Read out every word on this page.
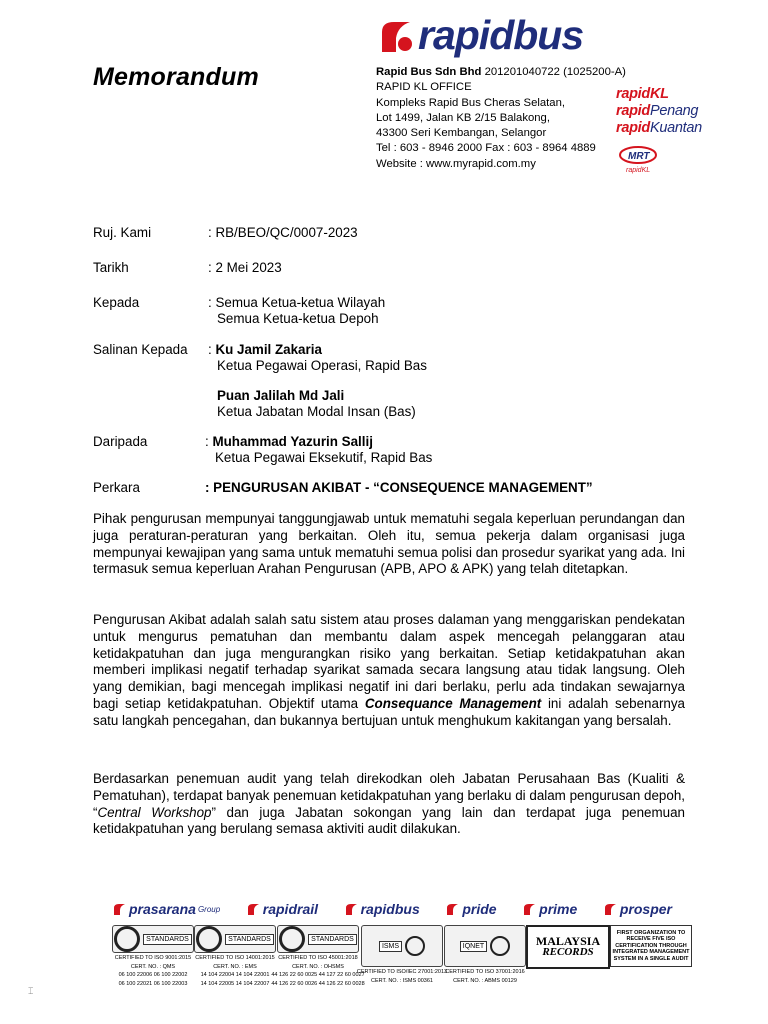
Memorandum
rapidbus
Rapid Bus Sdn Bhd 201201040722 (1025200-A)
RAPID KL OFFICE
Kompleks Rapid Bus Cheras Selatan,
Lot 1499, Jalan KB 2/15 Balakong,
43300 Seri Kembangan, Selangor
Tel : 603 - 8946 2000 Fax : 603 - 8964 4889
Website : www.myrapid.com.my
rapidKL
rapidPenang
rapidKuantan
MRT
rapidKL
Ruj. Kami	: RB/BEO/QC/0007-2023
Tarikh	: 2 Mei 2023
Kepada	: Semua Ketua-ketua Wilayah
Semua Ketua-ketua Depoh
Salinan Kepada : Ku Jamil Zakaria
Ketua Pegawai Operasi, Rapid Bas
Puan Jalilah Md Jali
Ketua Jabatan Modal Insan (Bas)
Daripada	: Muhammad Yazurin Sallij
Ketua Pegawai Eksekutif, Rapid Bas
Perkara	: PENGURUSAN AKIBAT - “CONSEQUENCE MANAGEMENT”
Pihak pengurusan mempunyai tanggungjawab untuk mematuhi segala keperluan perundangan dan juga peraturan-peraturan yang berkaitan. Oleh itu, semua pekerja dalam organisasi juga mempunyai kewajipan yang sama untuk mematuhi semua polisi dan prosedur syarikat yang ada. Ini termasuk semua keperluan Arahan Pengurusan (APB, APO & APK) yang telah ditetapkan.
Pengurusan Akibat adalah salah satu sistem atau proses dalaman yang menggariskan pendekatan untuk mengurus pematuhan dan membantu dalam aspek mencegah pelanggaran atau ketidakpatuhan dan juga mengurangkan risiko yang berkaitan. Setiap ketidakpatuhan akan memberi implikasi negatif terhadap syarikat samada secara langsung atau tidak langsung. Oleh yang demikian, bagi mencegah implikasi negatif ini dari berlaku, perlu ada tindakan sewajarnya bagi setiap ketidakpatuhan. Objektif utama Consequance Management ini adalah sebenarnya satu langkah pencegahan, dan bukannya bertujuan untuk menghukum kakitangan yang bersalah.
Berdasarkan penemuan audit yang telah direkodkan oleh Jabatan Perusahaan Bas (Kualiti & Pematuhan), terdapat banyak penemuan ketidakpatuhan yang berlaku di dalam pengurusan depoh, “Central Workshop” dan juga Jabatan sokongan yang lain dan terdapat juga penemuan ketidakpatuhan yang berulang semasa aktiviti audit dilakukan.
prasarana Group	rapidrail	rapidbus	pride	prime	prosper
STANDARDS
CERTIFIED TO ISO 9001:2015
CERT. NO. : QMS
06 100 22006 06 100 22002
06 100 22021 06 100 22003
STANDARDS
CERTIFIED TO ISO 14001:2015
CERT. NO. : EMS
14 104 22004 14 104 22001
14 104 22005 14 104 22007
STANDARDS
CERTIFIED TO ISO 45001:2018
CERT. NO. : OHSMS
44 126 22 60 0025 44 127 22 60 0027
44 126 22 60 0026 44 126 22 60 0028
ISMS
CERTIFIED TO ISO/IEC 27001:2013
CERT. NO. : ISMS 00361
IQNET
CERTIFIED TO ISO 37001:2016
CERT. NO. : ABMS 00129
MALAYSIA
RECORDS
FIRST ORGANIZATION TO RECEIVE FIVE ISO CERTIFICATION THROUGH INTEGRATED MANAGEMENT SYSTEM IN A SINGLE AUDIT
⌶
